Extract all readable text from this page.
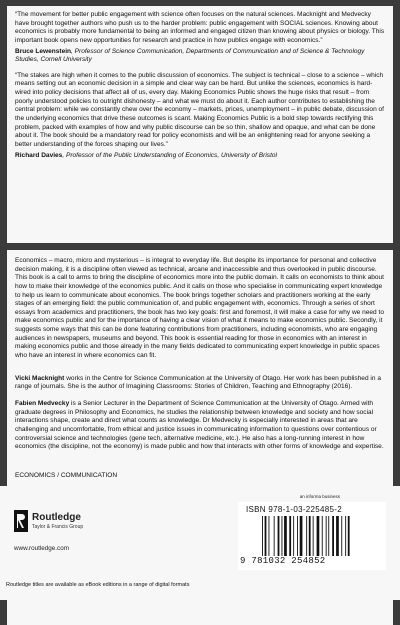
“The movement for better public engagement with science often focuses on the natural sciences. Macknight and Medvecky have brought together authors who push us to the harder problem: public engagement with SOCIAL sciences. Knowing about economics is probably more fundamental to being an informed and engaged citizen than knowing about physics or biology. This important book opens new opportunities for research and practice in how publics engage with economics.”

Bruce Lewenstein, Professor of Science Communication, Departments of Communication and of Science & Technology Studies, Cornell University

“The stakes are high when it comes to the public discussion of economics. The subject is technical – close to a science – which means setting out an economic decision in a simple and clear way can be hard. But unlike the sciences, economics is hard-wired into policy decisions that affect all of us, every day. Making Economics Public shows the huge risks that result – from poorly understood policies to outright dishonesty – and what we must do about it. Each author contributes to establishing the central problem: while we constantly chew over the economy – markets, prices, unemployment – in public debate, discussion of the underlying economics that drive these outcomes is scant. Making Economics Public is a bold step towards rectifying this problem, packed with examples of how and why public discourse can be so thin, shallow and opaque, and what can be done about it. The book should be a mandatory read for policy economists and will be an enlightening read for anyone seeking a better understanding of the forces shaping our lives.”

Richard Davies, Professor of the Public Understanding of Economics, University of Bristol

Economics – macro, micro and mysterious – is integral to everyday life. But despite its importance for personal and collective decision making, it is a discipline often viewed as technical, arcane and inaccessible and thus overlooked in public discourse. This book is a call to arms to bring the discipline of economics more into the public domain. It calls on economists to think about how to make their knowledge of the economics public. And it calls on those who specialise in communicating expert knowledge to help us learn to communicate about economics. The book brings together scholars and practitioners working at the early stages of an emerging field: the public communication of, and public engagement with, economics. Through a series of short essays from academics and practitioners, the book has two key goals: first and foremost, it will make a case for why we need to make economics public and for the importance of having a clear vision of what it means to make economics public. Secondly, it suggests some ways that this can be done featuring contributions from practitioners, including economists, who are engaging audiences in newspapers, museums and beyond. This book is essential reading for those in economics with an interest in making economics public and those already in the many fields dedicated to communicating expert knowledge in public spaces who have an interest in where economics can fit.

Vicki Macknight works in the Centre for Science Communication at the University of Otago. Her work has been published in a range of journals. She is the author of Imagining Classrooms: Stories of Children, Teaching and Ethnography (2016).

Fabien Medvecky is a Senior Lecturer in the Department of Science Communication at the University of Otago. Armed with graduate degrees in Philosophy and Economics, he studies the relationship between knowledge and society and how social interactions shape, create and direct what counts as knowledge. Dr Medvecky is especially interested in areas that are challenging and uncomfortable, from ethical and justice issues in communicating information to questions over contentious or controversial science and technologies (gene tech, alternative medicine, etc.). He also has a long-running interest in how economics (the discipline, not the economy) is made public and how that interacts with other forms of knowledge and expertise.

ECONOMICS / COMMUNICATION

Routledge
Taylor & Francis Group
www.routledge.com
an informa business
ISBN 978-1-03-225485-2
9 781032 254852
Routledge titles are available as eBook editions in a range of digital formats
